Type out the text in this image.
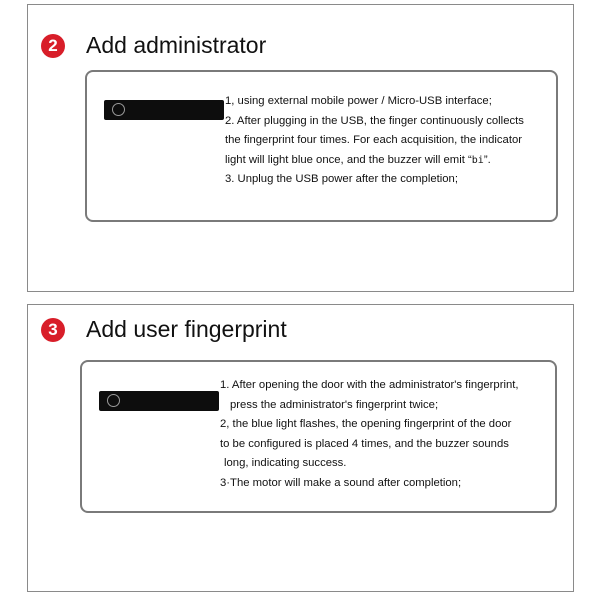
2	Add administrator
1, using external mobile power / Micro-USB interface;
2. After plugging in the USB, the finger continuously collects
the fingerprint four times. For each acquisition, the indicator
light will light blue once, and the buzzer will emit “bi”.
3. Unplug the USB power after the completion;
3	Add user fingerprint
1. After opening the door with the administrator's fingerprint,
press the administrator's fingerprint twice;
2, the blue light flashes, the opening fingerprint of the door
to be configured is placed 4 times, and the buzzer sounds
long, indicating success.
3·The motor will make a sound after completion;
